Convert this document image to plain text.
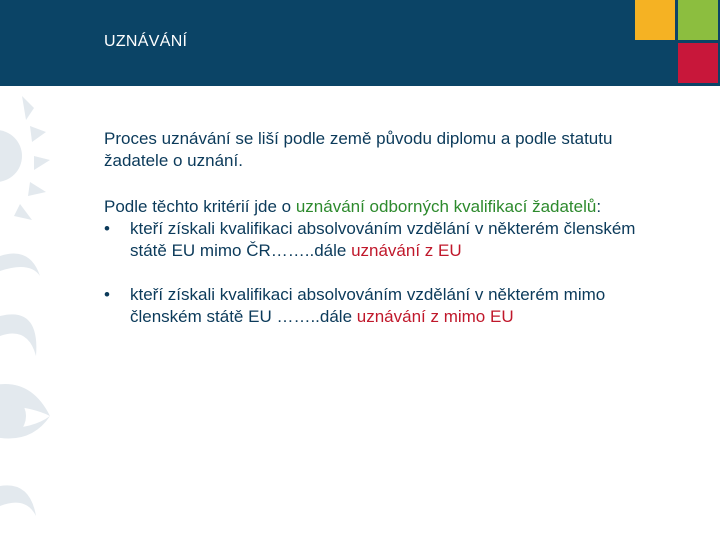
UZNÁVÁNÍ

Proces uznávání se liší podle země původu diplomu a podle statutu žadatele o uznání.

Podle těchto kritérií jde o uznávání odborných kvalifikací žadatelů:
• kteří získali kvalifikaci absolvováním vzdělání v některém členském státě EU mimo ČR……..dále uznávání z EU
• kteří získali kvalifikaci absolvováním vzdělání v některém mimo členském státě EU ……..dále uznávání z mimo EU
